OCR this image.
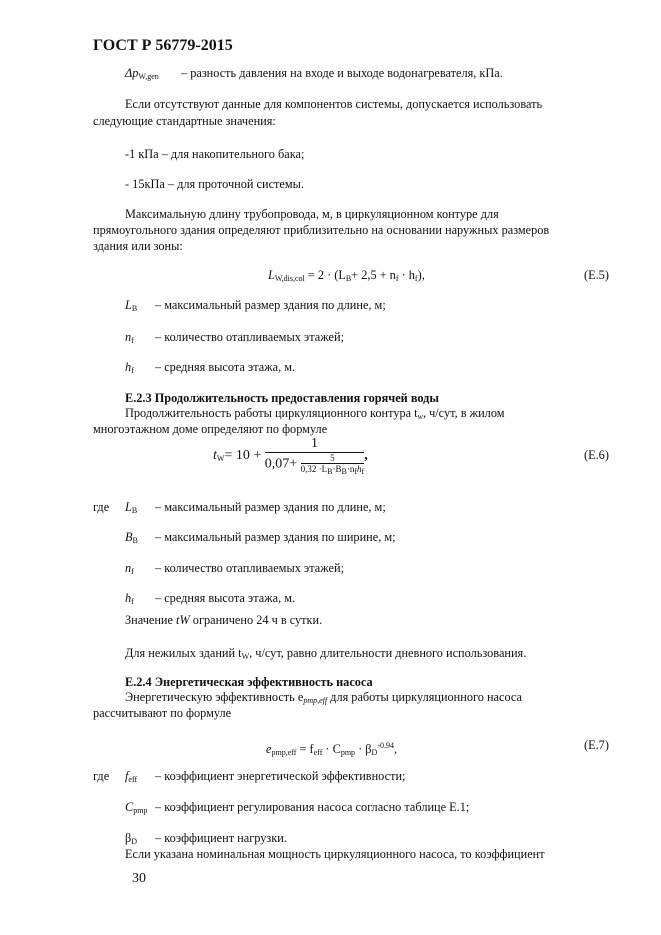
ГОСТ Р 56779-2015
$\Delta p_{W,gen}$ – разность давления на входе и выходе водонагревателя, кПа.
Если отсутствуют данные для компонентов системы, допускается использовать
следующие стандартные значения:
-1 кПа – для накопительного бака;
- 15кПа – для проточной системы.
Максимальную длину трубопровода, м, в циркуляционном контуре для
прямоугольного здания определяют приблизительно на основании наружных размеров
здания или зоны:
$L_{W,dis,col} = 2 \cdot (L_B+ 2,5 + n_f \cdot h_f)$,	(E.5)
$L_B$ – максимальный размер здания по длине, м;
$n_f$ – количество отапливаемых этажей;
$h_f$ – средняя высота этажа, м.
E.2.3 Продолжительность предоставления горячей воды
Продолжительность работы циркуляционного контура $t_w$, ч/сут, в жилом
многоэтажном доме определяют по формуле
$t_W= 10 + \frac{1}{0,07+ \frac{5}{0,32 \cdot L_B\cdot B_B\cdot n_fh_f}}$ ,	(E.6)
где $L_B$ – максимальный размер здания по длине, м;
$B_B$ – максимальный размер здания по ширине, м;
$n_f$ – количество отапливаемых этажей;
$h_f$ – средняя высота этажа, м.
Значение tW ограничено 24 ч в сутки.
Для нежилых зданий $t_W$, ч/сут, равно длительности дневного использования.
E.2.4 Энергетическая эффективность насоса
Энергетическую эффективность $e_{pmp,eff}$ для работы циркуляционного насоса
рассчитывают по формуле
$e_{pmp,eff} = f_{eff} \cdot C_{pmp} \cdot \beta_D^{-0.94}$,	(E.7)
где $f_{eff}$ – коэффициент энергетической эффективности;
$C_{pmp}$ – коэффициент регулирования насоса согласно таблице E.1;
$\beta_D$ – коэффициент нагрузки.
Если указана номинальная мощность циркуляционного насоса, то коэффициент
30
